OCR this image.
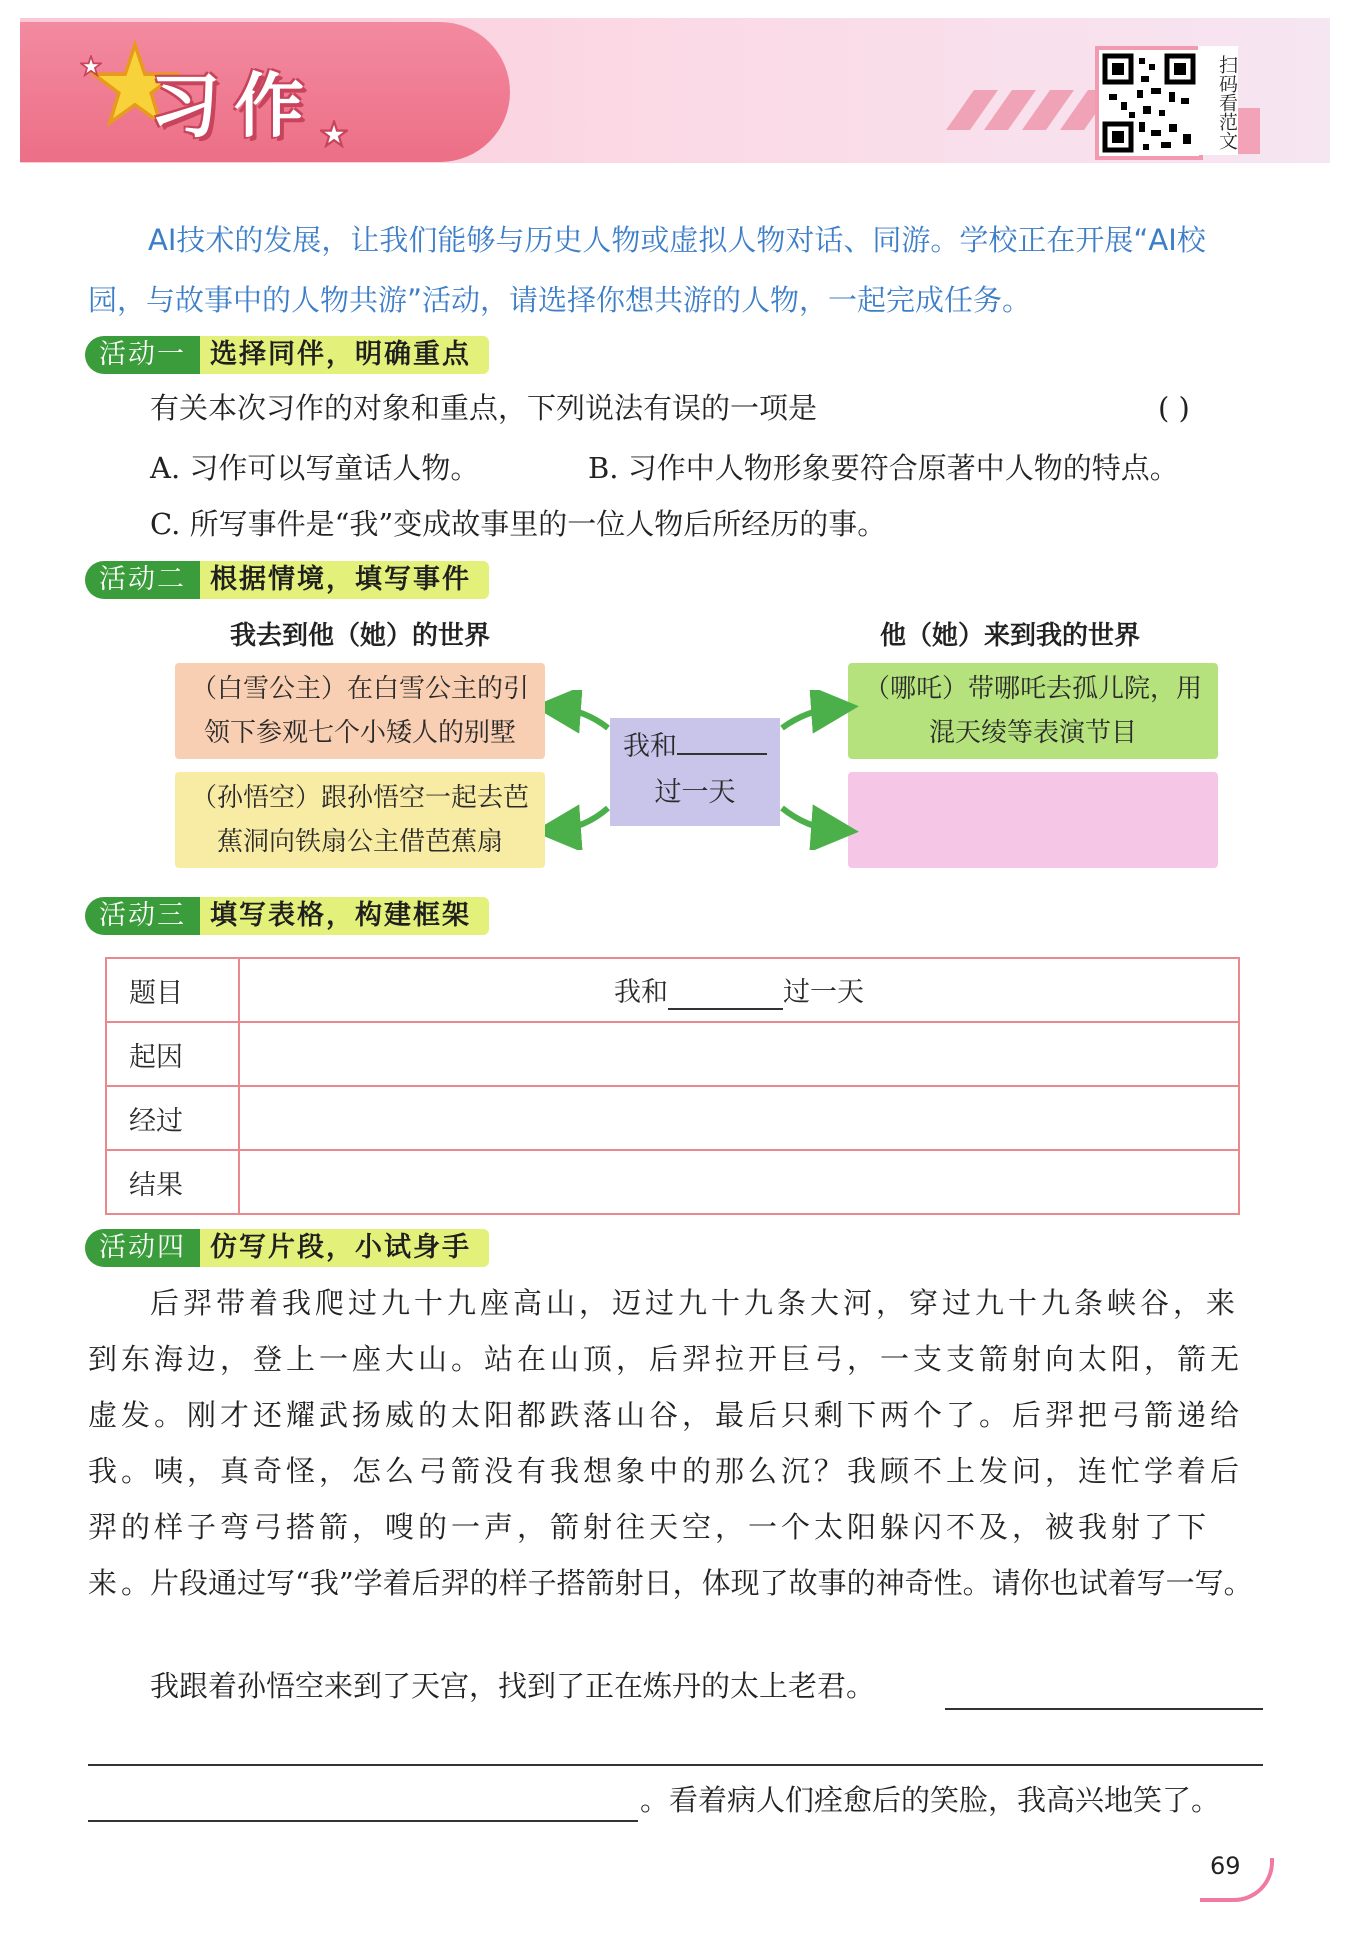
习作	扫码看范文
AI技术的发展，让我们能够与历史人物或虚拟人物对话、同游。学校正在开展“AI校园，与故事中的人物共游”活动，请选择你想共游的人物，一起完成任务。
活动一 选择同伴，明确重点
有关本次习作的对象和重点，下列说法有误的一项是	( )
A. 习作可以写童话人物。	B. 习作中人物形象要符合原著中人物的特点。
C. 所写事件是“我”变成故事里的一位人物后所经历的事。
活动二 根据情境，填写事件
我去到他（她）的世界	他（她）来到我的世界
（白雪公主）在白雪公主的引领下参观七个小矮人的别墅
（孙悟空）跟孙悟空一起去芭蕉洞向铁扇公主借芭蕉扇
（哪吒）带哪吒去孤儿院，用混天绫等表演节目
我和
过一天
活动三 填写表格，构建框架
题目	我和 过一天
起因	
经过	
结果	
活动四 仿写片段，小试身手
后羿带着我爬过九十九座高山，迈过九十九条大河，穿过九十九条峡谷，来到东海边，登上一座大山。站在山顶，后羿拉开巨弓，一支支箭射向太阳，箭无虚发。刚才还耀武扬威的太阳都跌落山谷，最后只剩下两个了。后羿把弓箭递给我。咦，真奇怪，怎么弓箭没有我想象中的那么沉？我顾不上发问，连忙学着后羿的样子弯弓搭箭，嗖的一声，箭射往天空，一个太阳躲闪不及，被我射了下来。
片段通过写“我”学着后羿的样子搭箭射日，体现了故事的神奇性。请你也试着写一写。
我跟着孙悟空来到了天宫，找到了正在炼丹的太上老君。
。看着病人们痊愈后的笑脸，我高兴地笑了。
69
